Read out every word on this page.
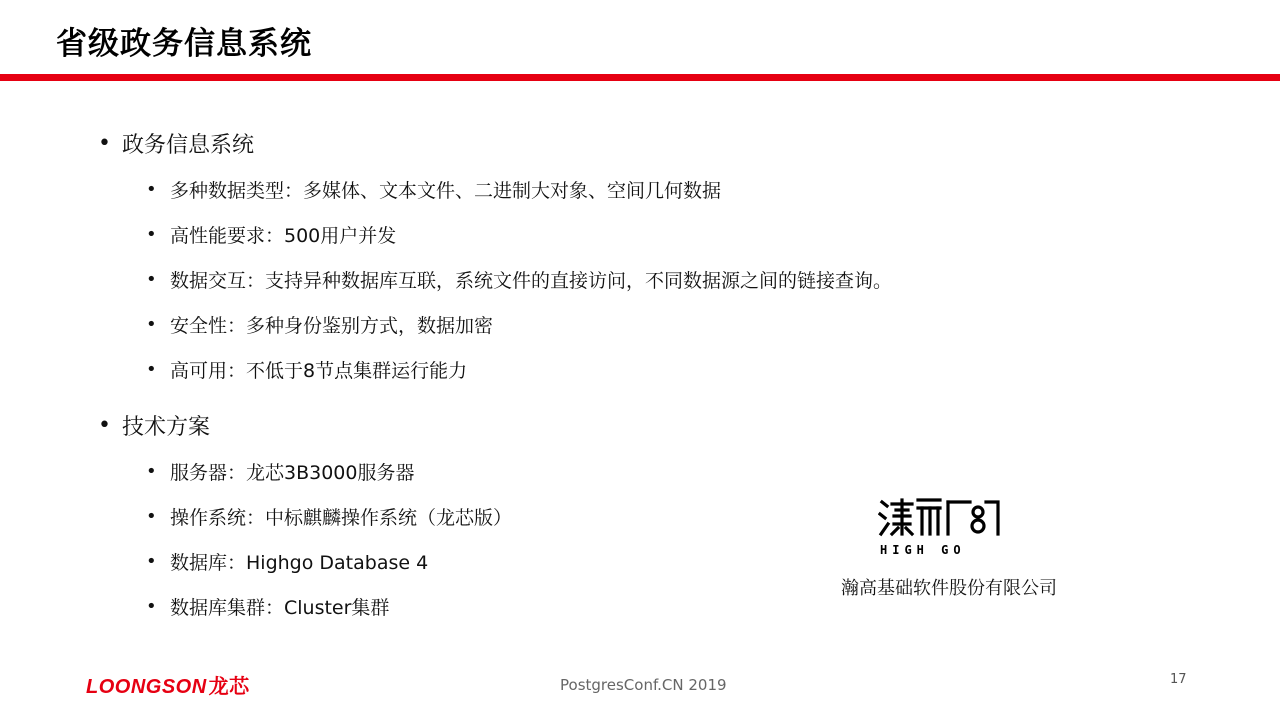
省级政务信息系统
• 政务信息系统
• 多种数据类型：多媒体、文本文件、二进制大对象、空间几何数据
• 高性能要求：500用户并发
• 数据交互：支持异种数据库互联，系统文件的直接访问，不同数据源之间的链接查询。
• 安全性：多种身份鉴别方式，数据加密
• 高可用：不低于8节点集群运行能力
• 技术方案
• 服务器：龙芯3B3000服务器
• 操作系统：中标麒麟操作系统（龙芯版）
• 数据库：Highgo Database 4
• 数据库集群：Cluster集群
HIGH GO
瀚高基础软件股份有限公司
LOONGSON 龙芯	PostgresConf.CN 2019	17
